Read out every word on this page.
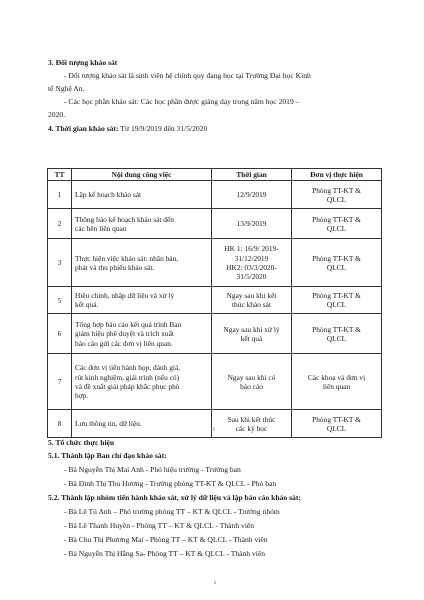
3. Đối tượng khảo sát
- Đối tượng khảo sát là sinh viên hệ chính quy đang học tại Trường Đại học Kinh
tế Nghệ An.
- Các học phần khảo sát: Các học phần được giảng dạy trong năm học 2019 –
2020.
4. Thời gian khảo sát: Từ 19/9/2019 đến 31/5/2020
TT	Nội dung công việc	Thời gian	Đơn vị thực hiện
1	Lập kế hoạch khảo sát	12/9/2019	Phòng TT-KT &
QLCL
2	Thông báo kế hoạch khảo sát đến
các bên liên quan	13/9/2019	Phòng TT-KT &
QLCL
3	Thực hiện việc khảo sát: nhân bản,
phát và thu phiếu khảo sát.	HK 1: 16/9/ 2019-
31/12/2019
HK2: 03/3/2020-
31/5/2020	Phòng TT-KT &
QLCL
5	Hiệu chỉnh, nhập dữ liệu và xử lý
kết quả.	Ngay sau khi kết
thúc khảo sát	Phòng TT-KT &
QLCL
6	Tổng hợp báo cáo kết quả trình Ban
giám hiệu phê duyệt và trích xuất
báo cáo gửi các đơn vị liên quan.	Ngay sau khi xử lý
kết quả	Phòng TT-KT &
QLCL
7	Các đơn vị tiến hành họp, đánh giá,
rút kinh nghiệm, giải trình (nếu có)
và đề xuất giải pháp khắc phục phù
hợp.	Ngay sau khi có
báo cáo	Các khoa và đơn vị
liên quan
8	Lưu thông tin, dữ liệu.	Sau khi kết thúc
các kỳ học	Phòng TT-KT &
QLCL
ı
5. Tổ chức thực hiện
5.1. Thành lập Ban chỉ đạo khảo sát:
- Bà Nguyễn Thị Mai Anh - Phó hiệu trưởng - Trưởng ban
- Bà Đinh Thị Thu Hương - Trưởng phòng TT-KT & QLCL - Phó ban
5.2. Thành lập nhóm tiến hành khảo sát, xử lý dữ liệu và lập báo cáo khảo sát:
- Bà Lê Tú Anh – Phó trưởng phòng TT – KT & QLCL - Trưởng nhóm
- Bà Lê Thanh Huyền - Phòng TT – KT & QLCL - Thành viên
- Bà Chu Thị Phương Mai - Phòng TT – KT & QLCL - Thành viên
- Bà Nguyễn Thị Hằng Sa- Phòng TT – KT & QLCL - Thành viên
ı
